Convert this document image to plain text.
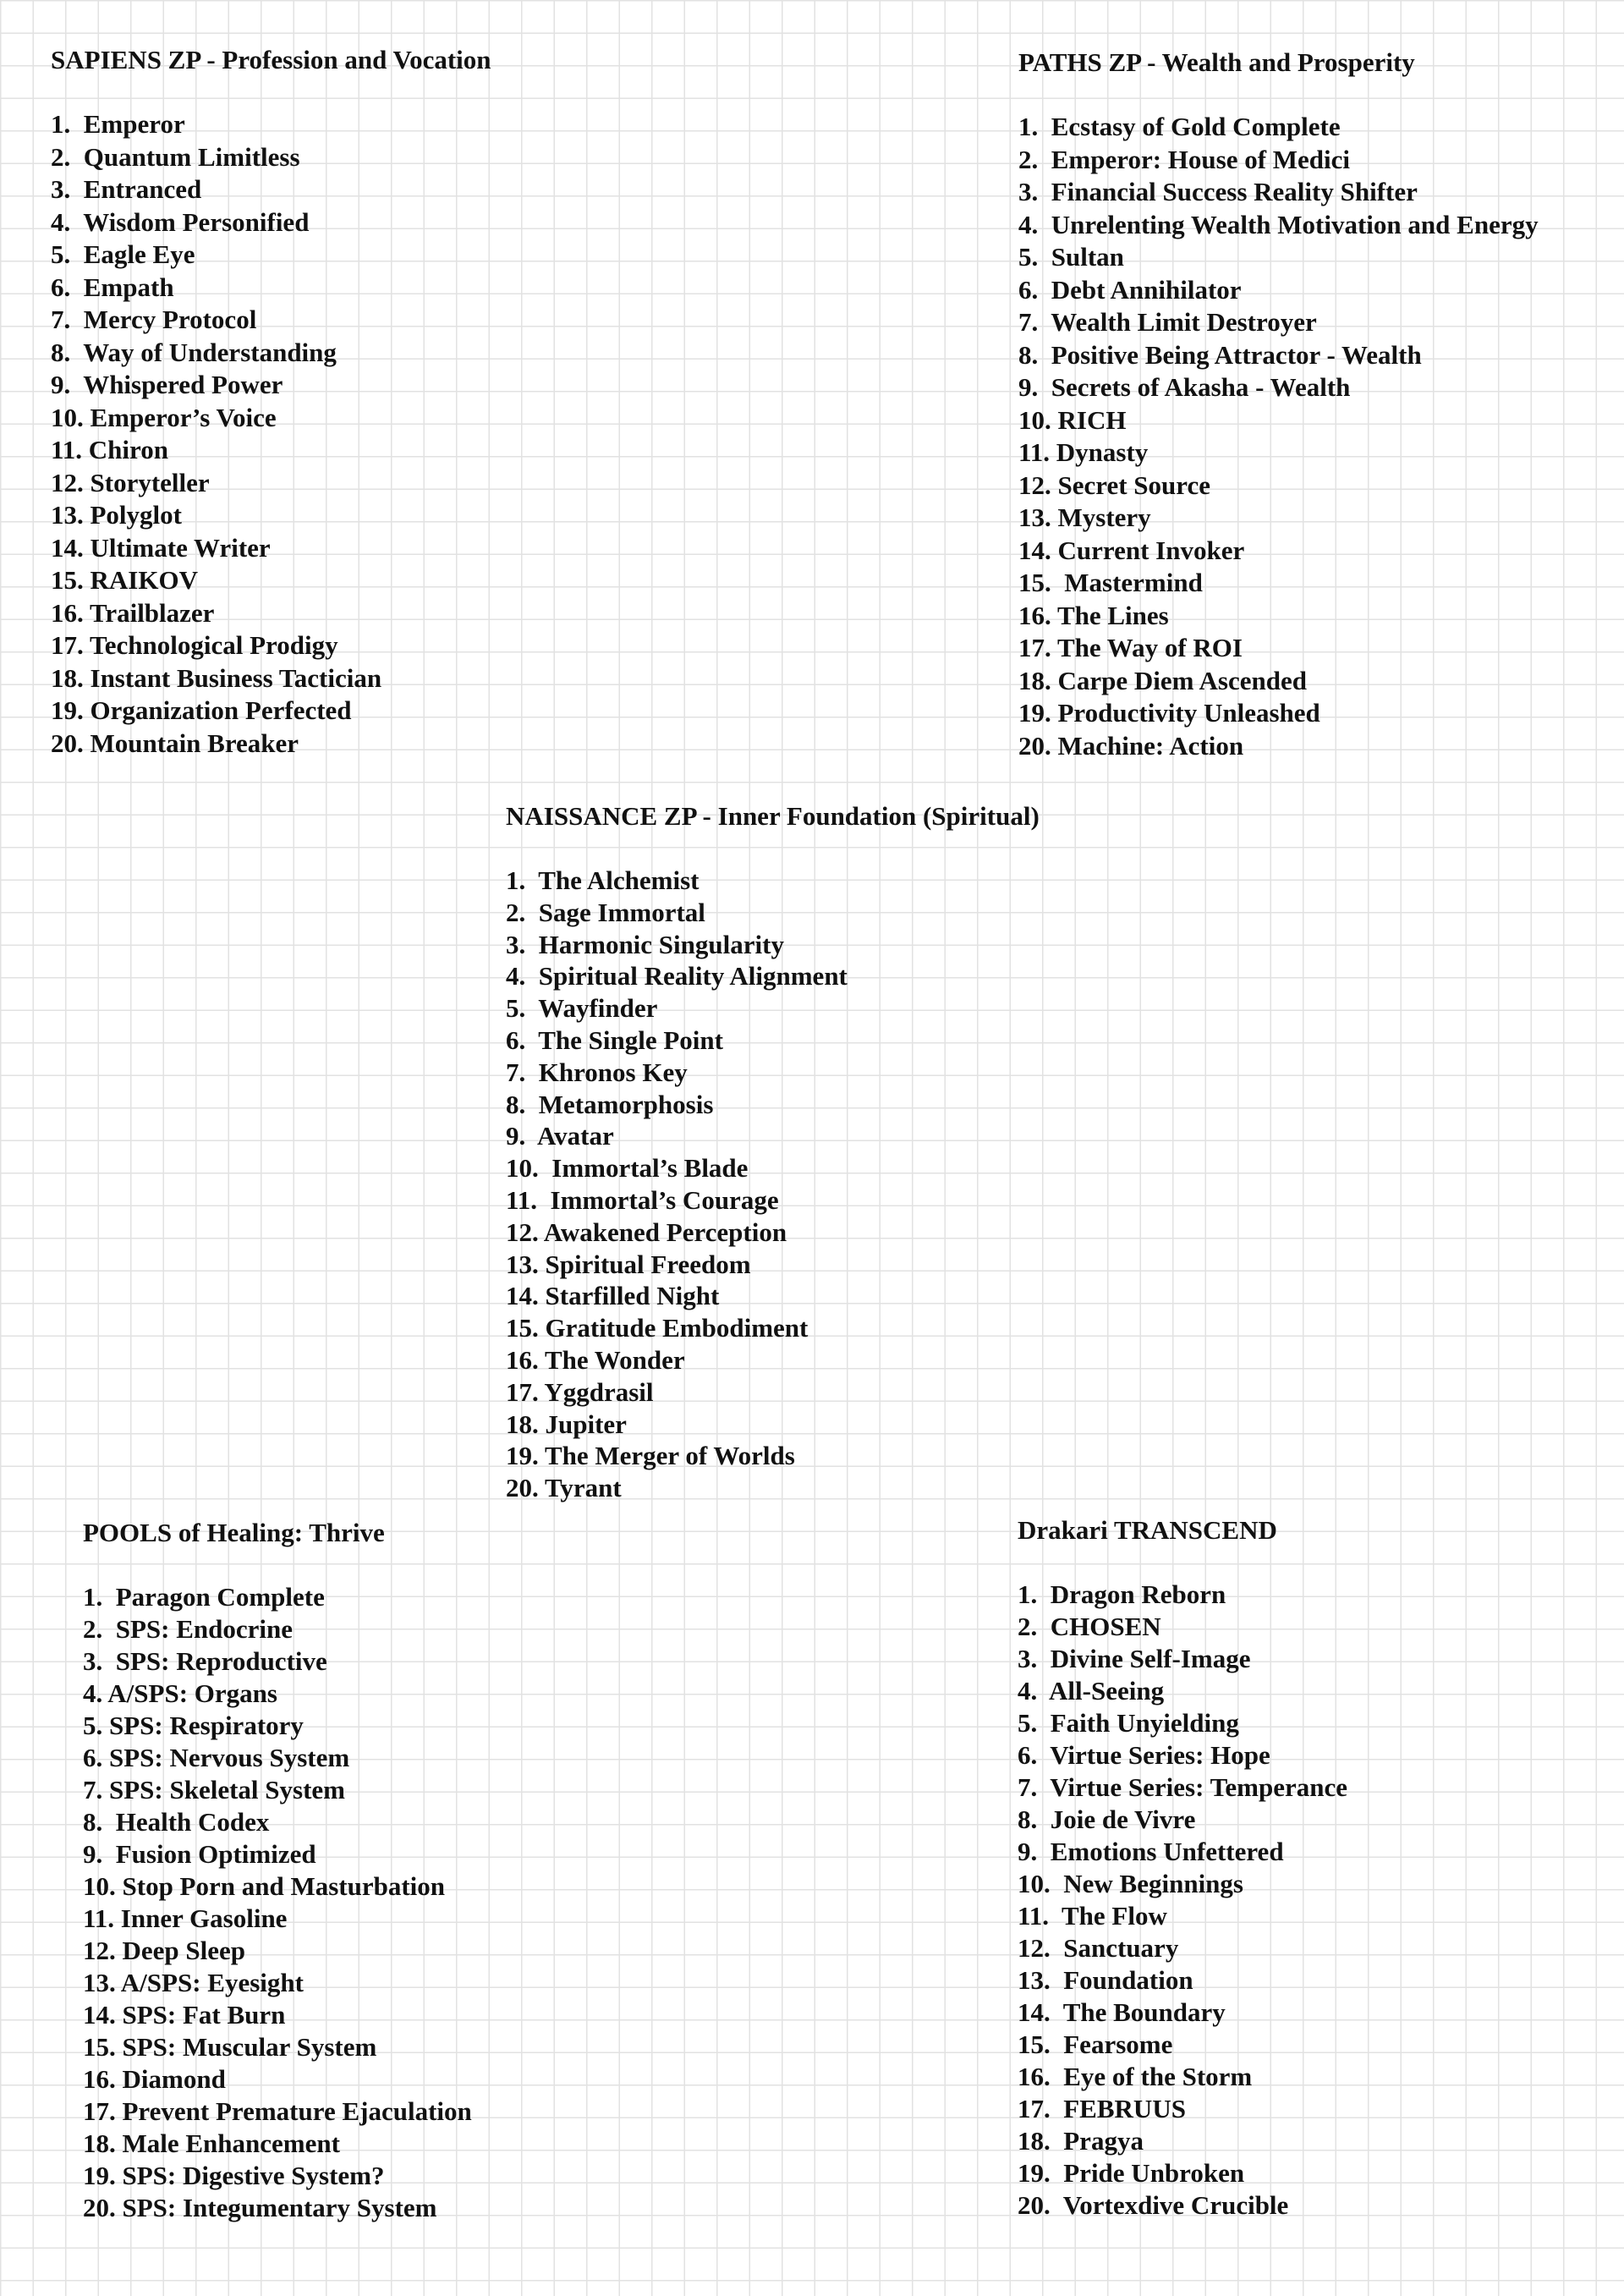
SAPIENS ZP - Profession and Vocation
1.  Emperor
2.  Quantum Limitless
3.  Entranced
4.  Wisdom Personified
5.  Eagle Eye
6.  Empath
7.  Mercy Protocol
8.  Way of Understanding
9.  Whispered Power
10. Emperor’s Voice
11. Chiron
12. Storyteller
13. Polyglot
14. Ultimate Writer
15. RAIKOV
16. Trailblazer
17. Technological Prodigy
18. Instant Business Tactician
19. Organization Perfected
20. Mountain Breaker
PATHS ZP - Wealth and Prosperity
1.  Ecstasy of Gold Complete
2.  Emperor: House of Medici
3.  Financial Success Reality Shifter
4.  Unrelenting Wealth Motivation and Energy
5.  Sultan
6.  Debt Annihilator
7.  Wealth Limit Destroyer
8.  Positive Being Attractor - Wealth
9.  Secrets of Akasha - Wealth
10. RICH
11. Dynasty
12. Secret Source
13. Mystery
14. Current Invoker
15.  Mastermind
16. The Lines
17. The Way of ROI
18. Carpe Diem Ascended
19. Productivity Unleashed
20. Machine: Action
NAISSANCE ZP - Inner Foundation (Spiritual)
1.  The Alchemist
2.  Sage Immortal
3.  Harmonic Singularity
4.  Spiritual Reality Alignment
5.  Wayfinder
6.  The Single Point
7.  Khronos Key
8.  Metamorphosis
9.  Avatar
10.  Immortal’s Blade
11.  Immortal’s Courage
12. Awakened Perception
13. Spiritual Freedom
14. Starfilled Night
15. Gratitude Embodiment
16. The Wonder
17. Yggdrasil
18. Jupiter
19. The Merger of Worlds
20. Tyrant
POOLS of Healing: Thrive
1.  Paragon Complete
2.  SPS: Endocrine
3.  SPS: Reproductive
4. A/SPS: Organs
5. SPS: Respiratory
6. SPS: Nervous System
7. SPS: Skeletal System
8.  Health Codex
9.  Fusion Optimized
10. Stop Porn and Masturbation
11. Inner Gasoline
12. Deep Sleep
13. A/SPS: Eyesight
14. SPS: Fat Burn
15. SPS: Muscular System
16. Diamond
17. Prevent Premature Ejaculation
18. Male Enhancement
19. SPS: Digestive System?
20. SPS: Integumentary System
Drakari TRANSCEND
1.  Dragon Reborn
2.  CHOSEN
3.  Divine Self-Image
4.  All-Seeing
5.  Faith Unyielding
6.  Virtue Series: Hope
7.  Virtue Series: Temperance
8.  Joie de Vivre
9.  Emotions Unfettered
10.  New Beginnings
11.  The Flow
12.  Sanctuary
13.  Foundation
14.  The Boundary
15.  Fearsome
16.  Eye of the Storm
17.  FEBRUUS
18.  Pragya
19.  Pride Unbroken
20.  Vortexdive Crucible
